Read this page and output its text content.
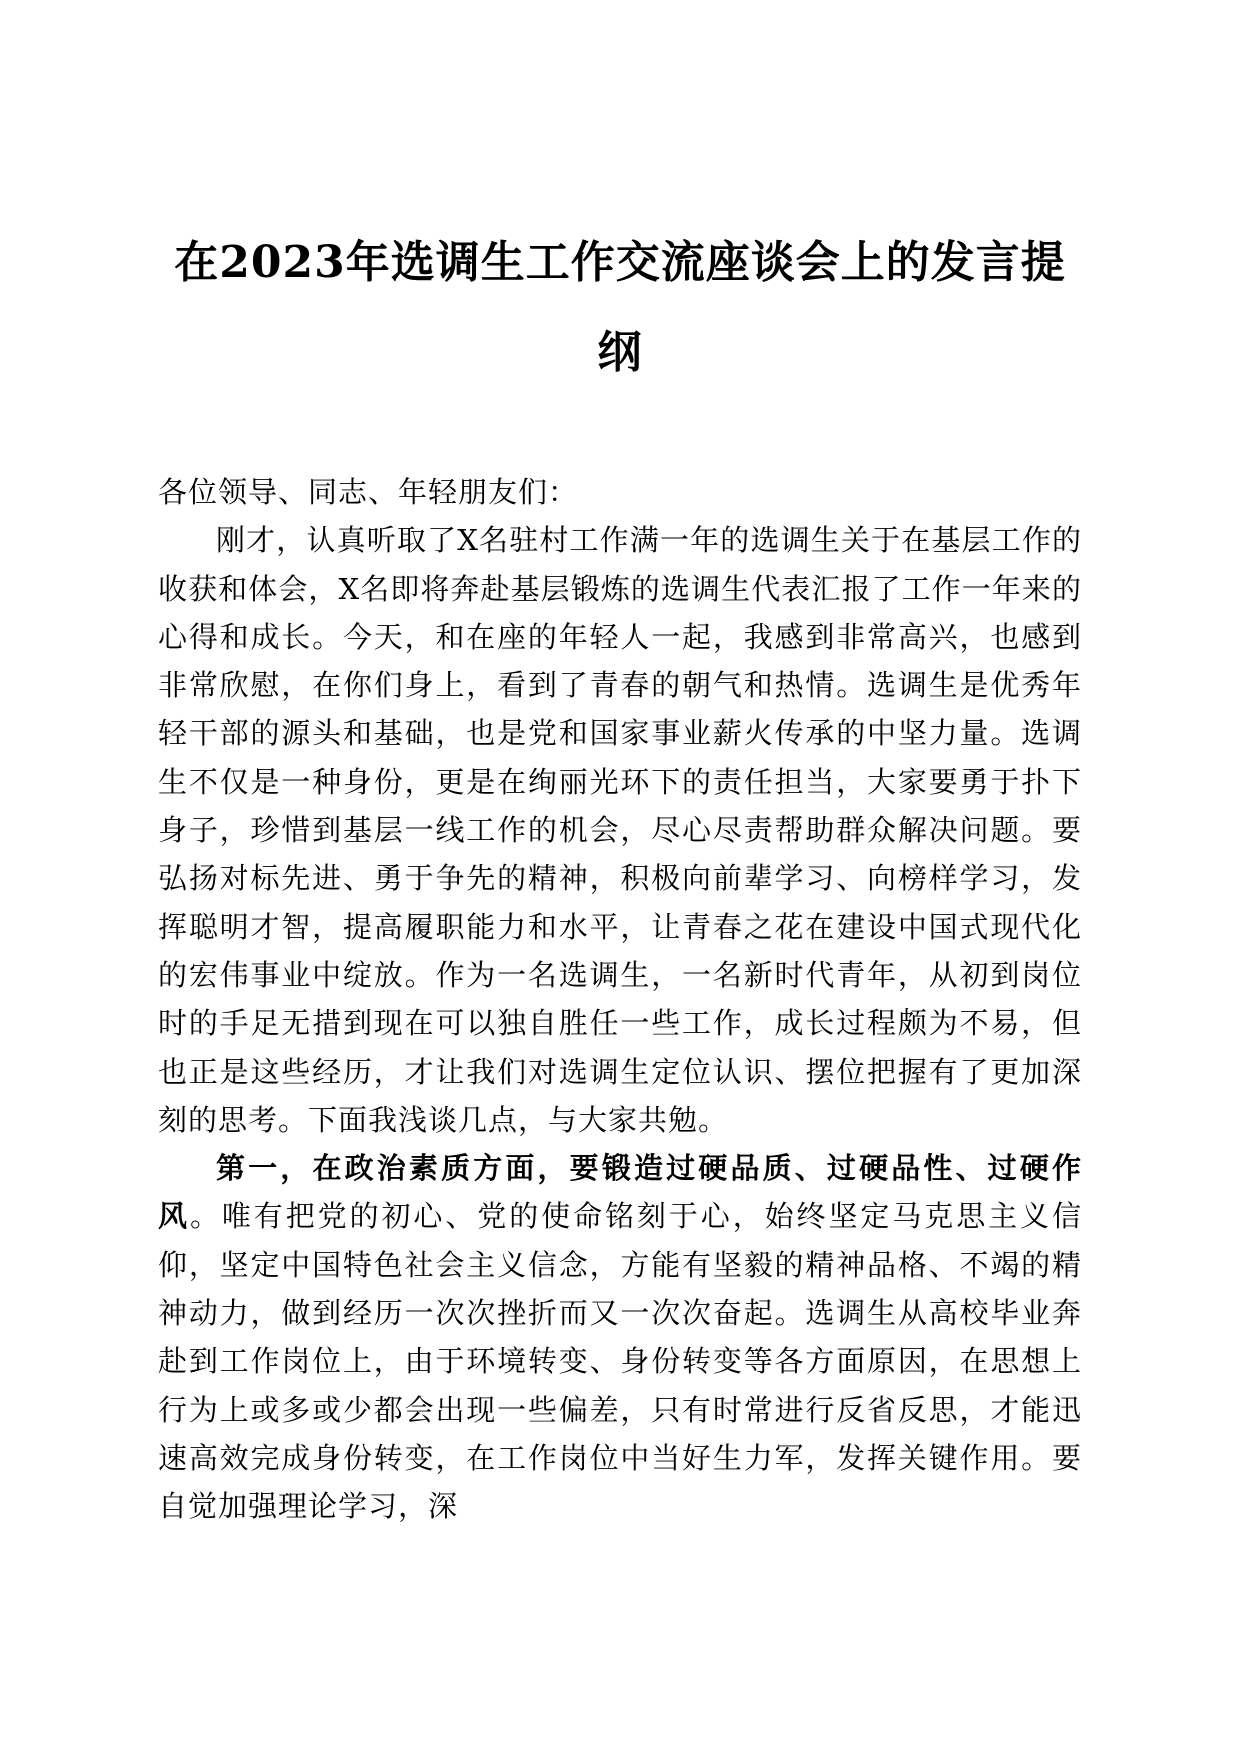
在2023年选调生工作交流座谈会上的发言提
纲

各位领导、同志、年轻朋友们：

刚才，认真听取了X名驻村工作满一年的选调生关于在基层工作的收获和体会，X名即将奔赴基层锻炼的选调生代表汇报了工作一年来的心得和成长。今天，和在座的年轻人一起，我感到非常高兴，也感到非常欣慰，在你们身上，看到了青春的朝气和热情。选调生是优秀年轻干部的源头和基础，也是党和国家事业薪火传承的中坚力量。选调生不仅是一种身份，更是在绚丽光环下的责任担当，大家要勇于扑下身子，珍惜到基层一线工作的机会，尽心尽责帮助群众解决问题。要弘扬对标先进、勇于争先的精神，积极向前辈学习、向榜样学习，发挥聪明才智，提高履职能力和水平，让青春之花在建设中国式现代化的宏伟事业中绽放。作为一名选调生，一名新时代青年，从初到岗位时的手足无措到现在可以独自胜任一些工作，成长过程颇为不易，但也正是这些经历，才让我们对选调生定位认识、摆位把握有了更加深刻的思考。下面我浅谈几点，与大家共勉。

第一，在政治素质方面，要锻造过硬品质、过硬品性、过硬作风。唯有把党的初心、党的使命铭刻于心，始终坚定马克思主义信仰，坚定中国特色社会主义信念，方能有坚毅的精神品格、不竭的精神动力，做到经历一次次挫折而又一次次奋起。选调生从高校毕业奔赴到工作岗位上，由于环境转变、身份转变等各方面原因，在思想上行为上或多或少都会出现一些偏差，只有时常进行反省反思，才能迅速高效完成身份转变，在工作岗位中当好生力军，发挥关键作用。要自觉加强理论学习，深
